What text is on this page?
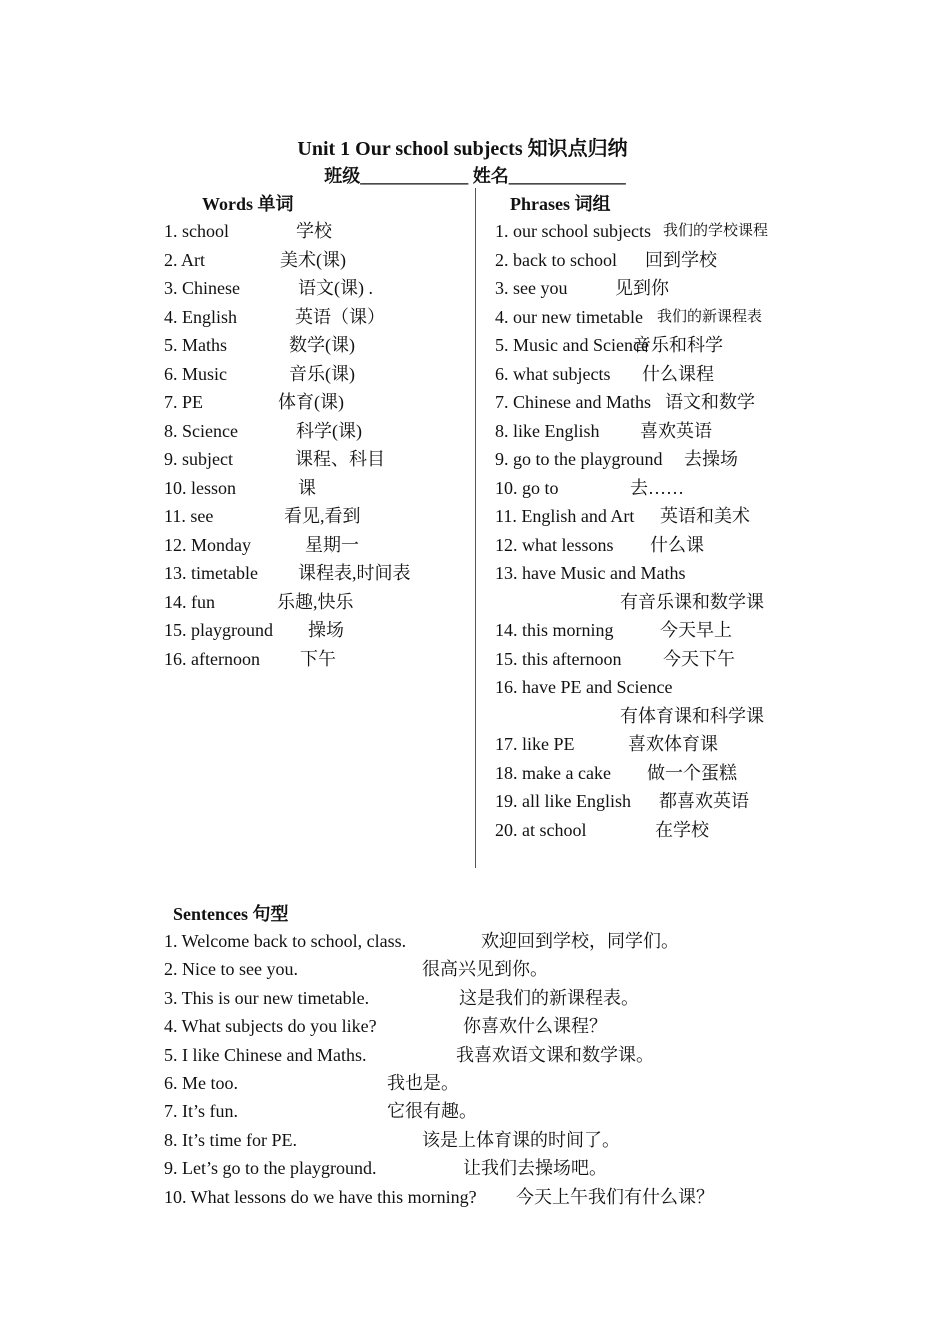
Unit 1 Our school subjects 知识点归纳
班级____________ 姓名_____________
Words 单词	Phrases 词组
1. school	学校
2. Art	美术(课)
3. Chinese	语文(课) .
4. English	英语（课）
5. Maths	数学(课)
6. Music	音乐(课)
7. PE	体育(课)
8. Science	科学(课)
9. subject	课程、科目
10. lesson	课
11. see	看见,看到
12. Monday	星期一
13. timetable 课程表,时间表
14. fun	乐趣,快乐
15. playground 操场
16. afternoon 下午
1. our school subjects 我们的学校课程
2. back to school 回到学校
3. see you	见到你
4. our new timetable 我们的新课程表
5. Music and Science
音乐和科学
6. what subjects 什么课程
7. Chinese and Maths 语文和数学
8. like English 喜欢英语
9. go to the playground 去操场
10. go to	去……
11. English and Art 英语和美术
12. what lessons 什么课
13. have Music and Maths
有音乐课和数学课
14. this morning	今天早上
15. this afternoon 今天下午
16. have PE and Science
有体育课和科学课
17. like PE	喜欢体育课
18. make a cake 做一个蛋糕
19. all like English 都喜欢英语
20. at school	在学校
Sentences 句型
1. Welcome back to school, class.	欢迎回到学校，同学们。
2. Nice to see you.	很高兴见到你。
3. This is our new timetable.	这是我们的新课程表。
4. What subjects do you like?	你喜欢什么课程？
5. I like Chinese and Maths.	我喜欢语文课和数学课。
6. Me too.	我也是。
7. It’s fun.	它很有趣。
8. It’s time for PE.	该是上体育课的时间了。
9. Let’s go to the playground.	让我们去操场吧。
10. What lessons do we have this morning? 今天上午我们有什么课？
